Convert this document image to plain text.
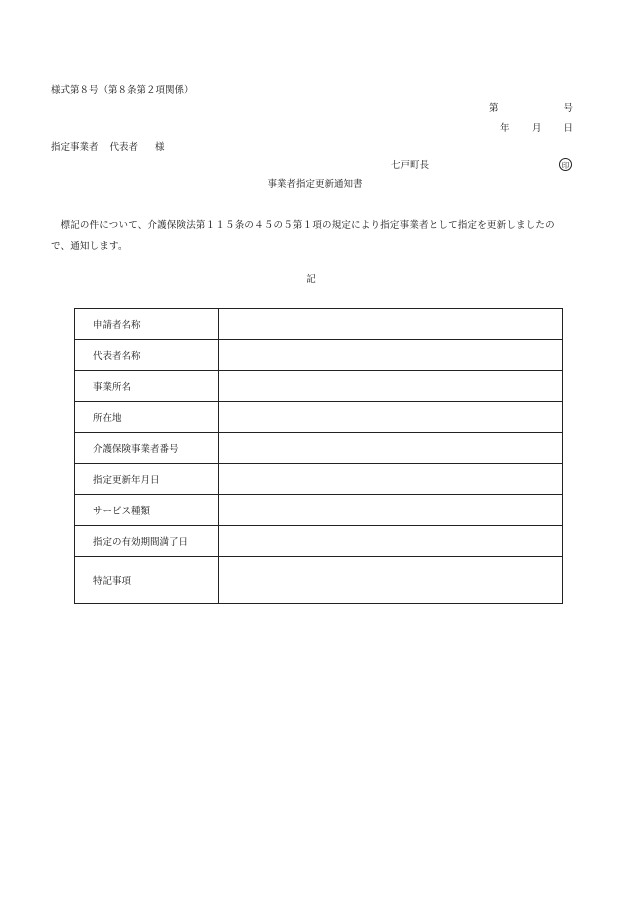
様式第８号（第８条第２項関係）
第	号
年 月 日
指定事業者 代表者 様
七戸町長	印
事業者指定更新通知書
標記の件について、介護保険法第１１５条の４５の５第１項の規定により指定事業者として指定を更新しましたので、通知します。
記
申請者名称	
代表者名称	
事業所名	
所在地	
介護保険事業者番号	
指定更新年月日	
サービス種類	
指定の有効期間満了日	
特記事項	
